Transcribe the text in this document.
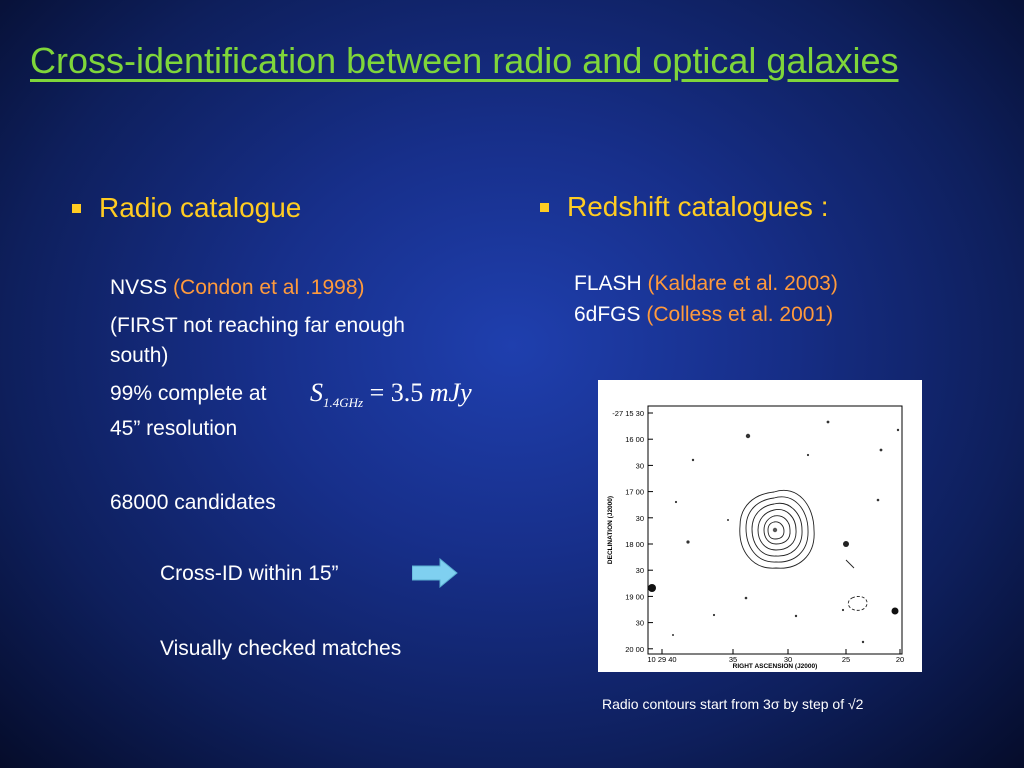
Cross-identification between radio and optical galaxies
Radio catalogue
NVSS (Condon et al .1998)
(FIRST not reaching far enough
south)
99% complete at $S_{1.4GHz} = 3.5$ mJy
45” resolution
68000 candidates
Cross-ID within 15”
Visually checked matches
Redshift catalogues :
FLASH (Kaldare et al. 2003)
6dFGS (Colless et al. 2001)
-27 15 30
16 00
30
17 00
30
18 00
30
19 00
30
20 00
10 29 40	35	30	25	20
DECLINATION (J2000)
RIGHT ASCENSION (J2000)
Radio contours start from 3σ by step of √2
